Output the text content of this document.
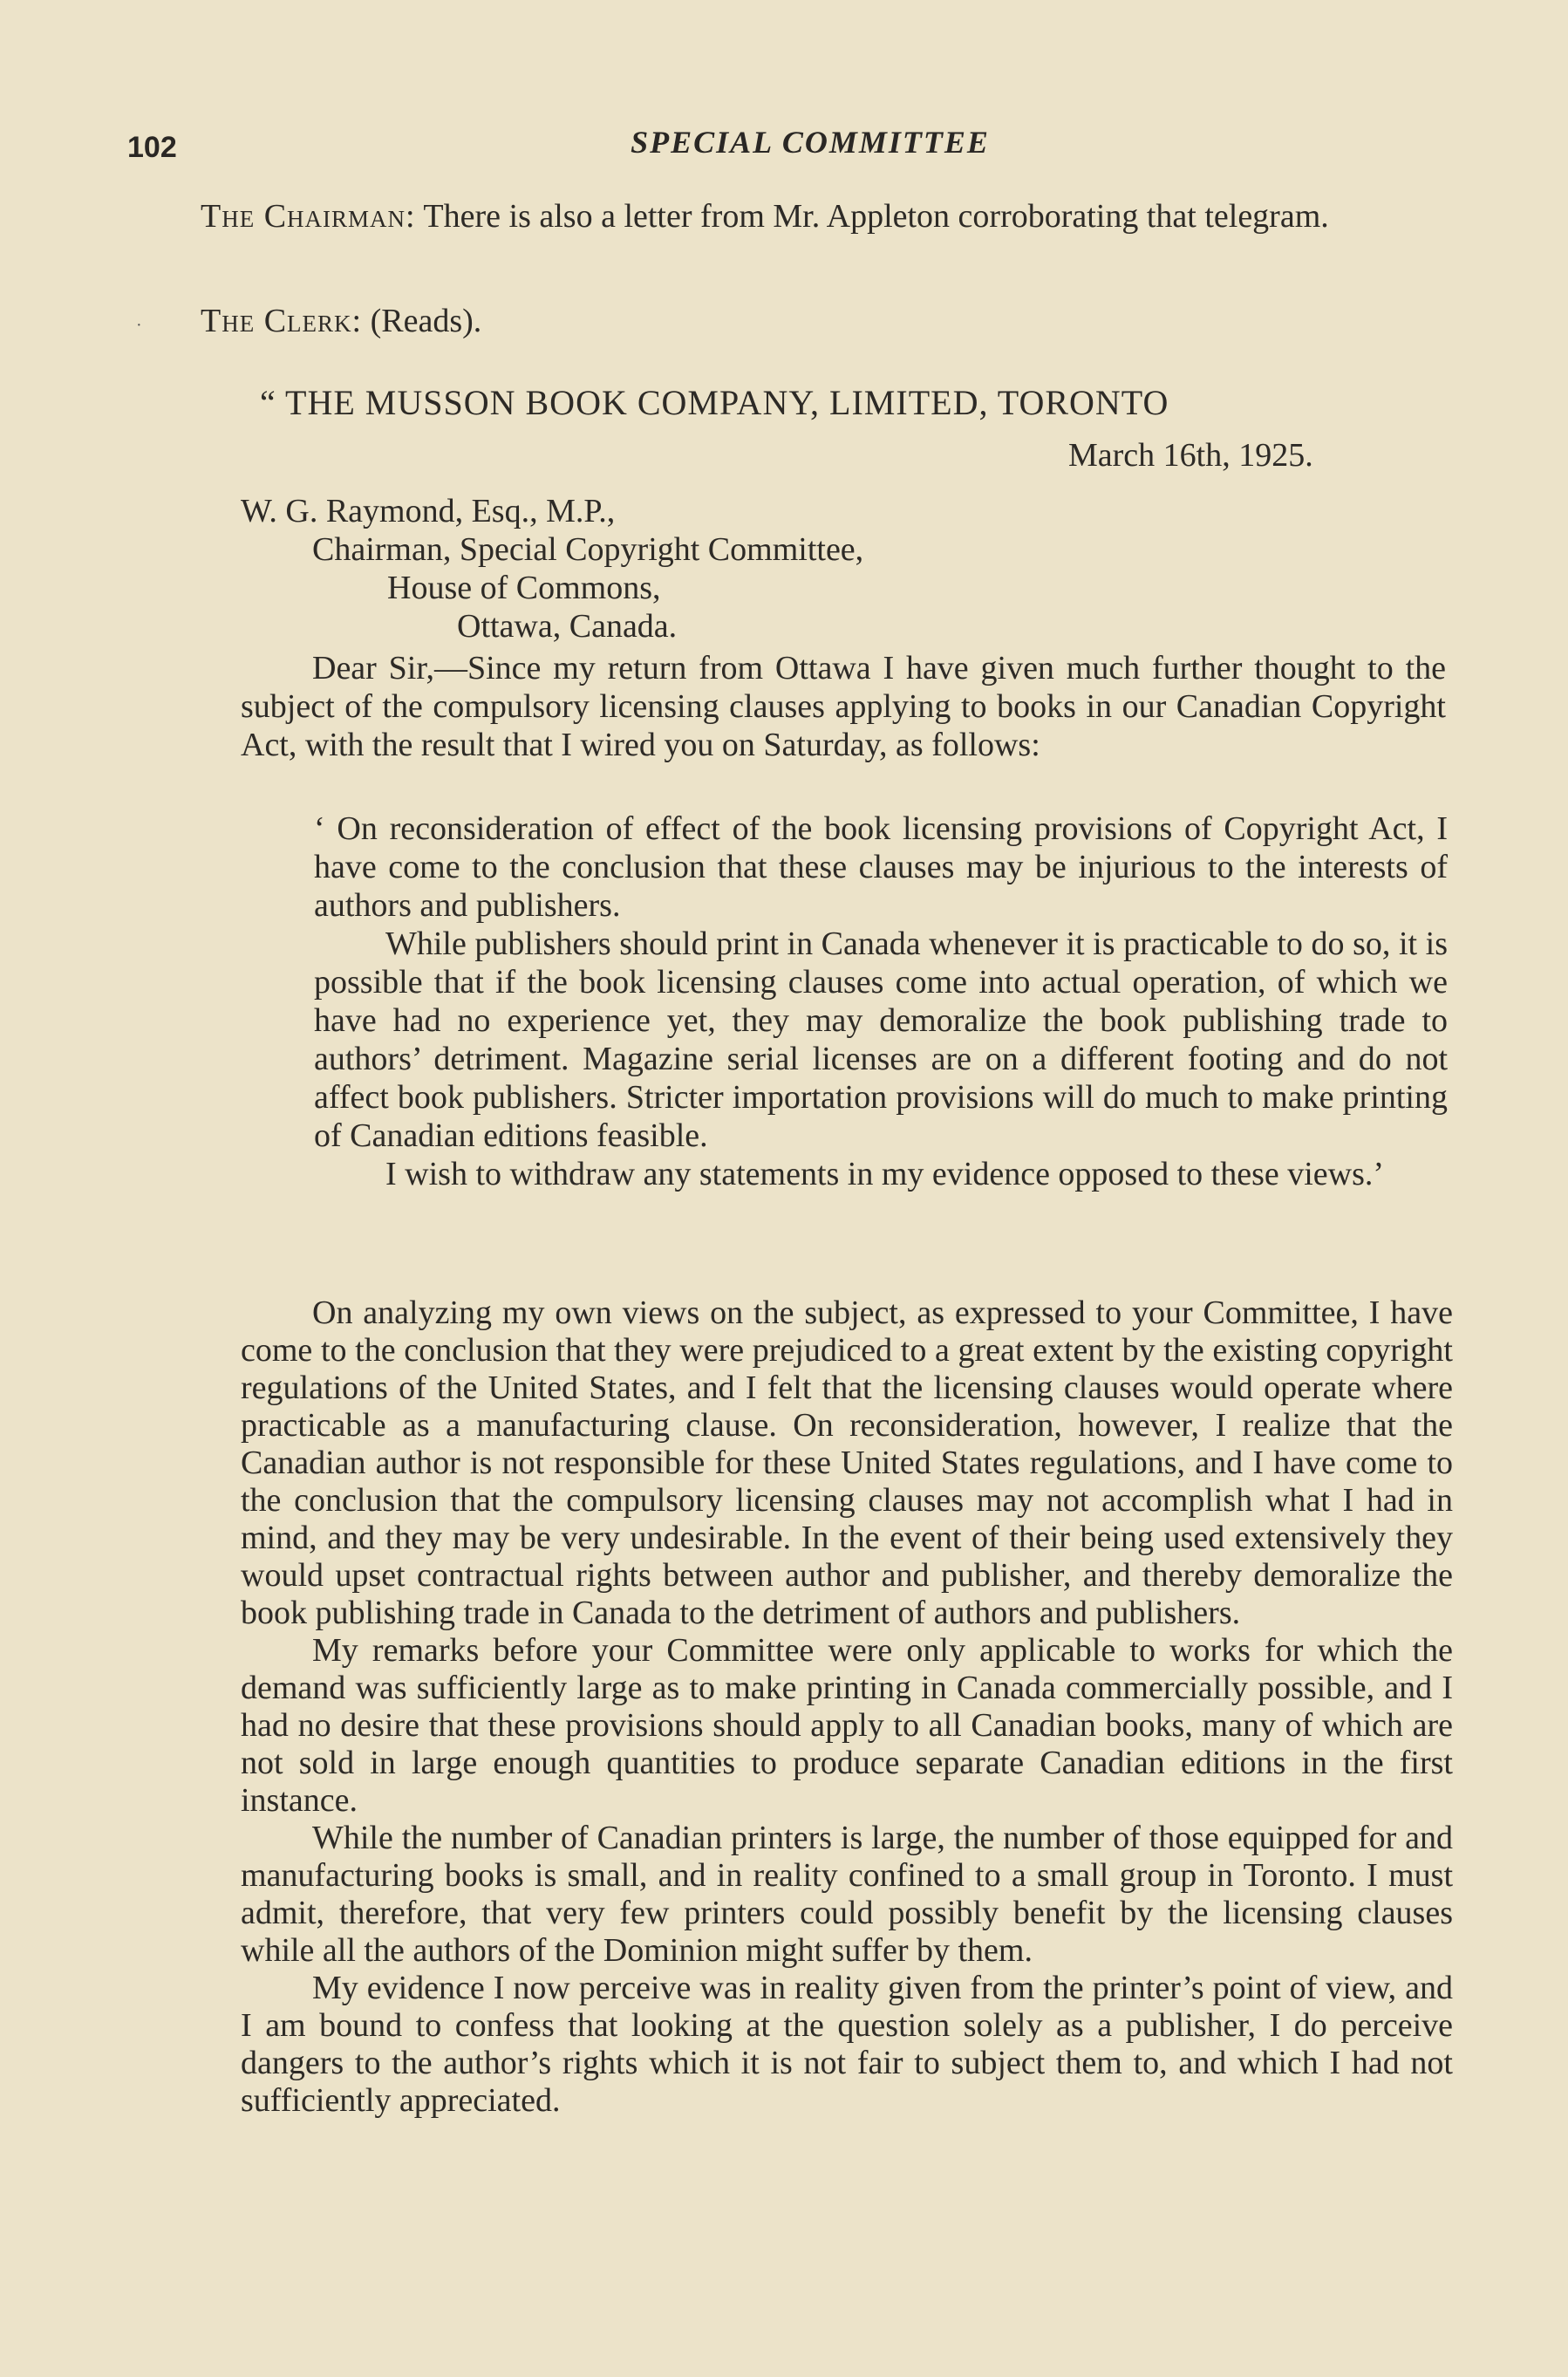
102	SPECIAL COMMITTEE

The Chairman: There is also a letter from Mr. Appleton corroborating that telegram.

· The Clerk: (Reads).

“ THE MUSSON BOOK COMPANY, LIMITED, TORONTO
March 16th, 1925.
W. G. Raymond, Esq., M.P.,
Chairman, Special Copyright Committee,
House of Commons,
Ottawa, Canada.

Dear Sir,—Since my return from Ottawa I have given much further thought to the subject of the compulsory licensing clauses applying to books in our Canadian Copyright Act, with the result that I wired you on Saturday, as follows:

‘ On reconsideration of effect of the book licensing provisions of Copyright Act, I have come to the conclusion that these clauses may be injurious to the interests of authors and publishers.

While publishers should print in Canada whenever it is practicable to do so, it is possible that if the book licensing clauses come into actual operation, of which we have had no experience yet, they may demoralize the book publishing trade to authors’ detriment. Magazine serial licenses are on a different footing and do not affect book publishers. Stricter importation provisions will do much to make printing of Canadian editions feasible.

I wish to withdraw any statements in my evidence opposed to these views.’

On analyzing my own views on the subject, as expressed to your Committee, I have come to the conclusion that they were prejudiced to a great extent by the existing copyright regulations of the United States, and I felt that the licensing clauses would operate where practicable as a manufacturing clause. On reconsideration, however, I realize that the Canadian author is not responsible for these United States regulations, and I have come to the conclusion that the compulsory licensing clauses may not accomplish what I had in mind, and they may be very undesirable. In the event of their being used extensively they would upset contractual rights between author and publisher, and thereby demoralize the book publishing trade in Canada to the detriment of authors and publishers.

My remarks before your Committee were only applicable to works for which the demand was sufficiently large as to make printing in Canada commercially possible, and I had no desire that these provisions should apply to all Canadian books, many of which are not sold in large enough quantities to produce separate Canadian editions in the first instance.

While the number of Canadian printers is large, the number of those equipped for and manufacturing books is small, and in reality confined to a small group in Toronto. I must admit, therefore, that very few printers could possibly benefit by the licensing clauses while all the authors of the Dominion might suffer by them.

My evidence I now perceive was in reality given from the printer’s point of view, and I am bound to confess that looking at the question solely as a publisher, I do perceive dangers to the author’s rights which it is not fair to subject them to, and which I had not sufficiently appreciated.
